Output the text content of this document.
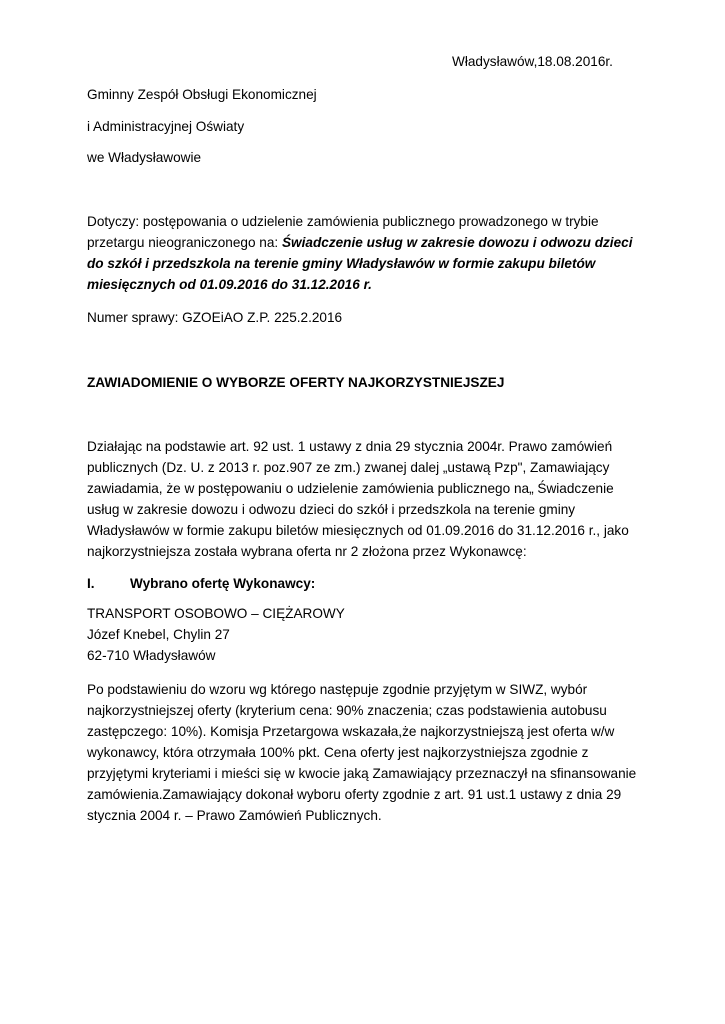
Władysławów,18.08.2016r.
Gminny Zespół Obsługi Ekonomicznej
i Administracyjnej Oświaty
we Władysławowie

Dotyczy: postępowania o udzielenie zamówienia publicznego prowadzonego w trybie przetargu nieograniczonego na: Świadczenie usług w zakresie dowozu i odwozu dzieci do szkół i przedszkola na terenie gminy Władysławów w formie zakupu biletów miesięcznych od 01.09.2016 do 31.12.2016 r.

Numer sprawy: GZOEiAO Z.P. 225.2.2016
ZAWIADOMIENIE O WYBORZE OFERTY NAJKORZYSTNIEJSZEJ
Działając na podstawie art. 92 ust. 1 ustawy z dnia 29 stycznia 2004r. Prawo zamówień publicznych (Dz. U. z 2013 r. poz.907 ze zm.) zwanej dalej „ustawą Pzp", Zamawiający zawiadamia, że w postępowaniu o udzielenie zamówienia publicznego na„ Świadczenie usług w zakresie dowozu i odwozu dzieci do szkół i przedszkola na terenie gminy Władysławów w formie zakupu biletów miesięcznych od 01.09.2016 do 31.12.2016 r., jako najkorzystniejsza została wybrana oferta nr 2 złożona przez Wykonawcę:
I.	Wybrano ofertę Wykonawcy:

TRANSPORT OSOBOWO – CIĘŻAROWY

Józef Knebel, Chylin 27

62-710 Władysławów

Po podstawieniu do wzoru wg którego następuje zgodnie przyjętym w SIWZ, wybór najkorzystniejszej oferty (kryterium cena: 90% znaczenia; czas podstawienia autobusu zastępczego: 10%). Komisja Przetargowa wskazała,że najkorzystniejszą jest oferta w/w wykonawcy, która otrzymała 100% pkt. Cena oferty jest najkorzystniejsza zgodnie z przyjętymi kryteriami i mieści się w kwocie jaką Zamawiający przeznaczył na sfinansowanie zamówienia.Zamawiający dokonał wyboru oferty zgodnie z art. 91 ust.1 ustawy z dnia 29 stycznia 2004 r. – Prawo Zamówień Publicznych.
